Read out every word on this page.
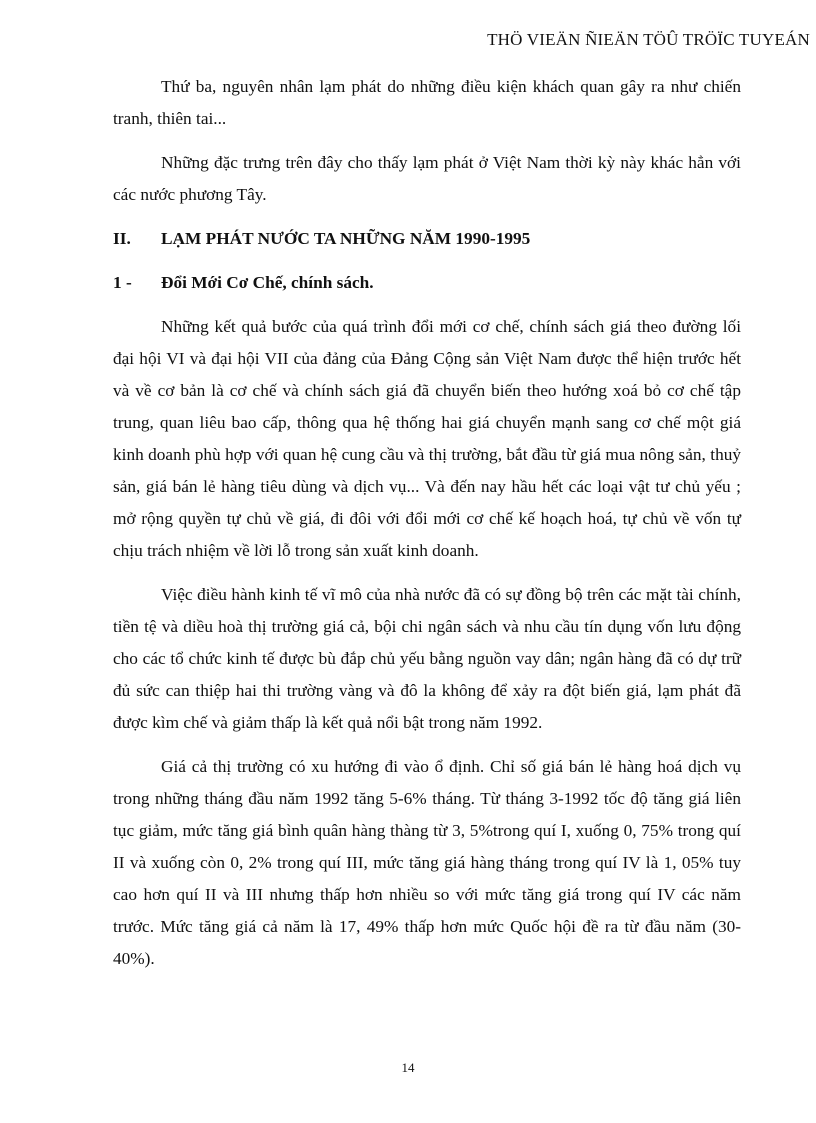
THÖ VIEÄN ÑIEÄN TÖÛ TRÖÏC TUYEÁN

Thứ ba, nguyên nhân lạm phát do những điều kiện khách quan gây ra như chiến tranh, thiên tai...

Những đặc trưng trên đây cho thấy lạm phát ở Việt Nam thời kỳ này khác hẳn với các nước phương Tây.

II.	LẠM PHÁT NƯỚC TA NHỮNG NĂM 1990-1995
1 -	Đổi Mới Cơ Chế, chính sách.

Những kết quả bước của quá trình đổi mới cơ chế, chính sách giá theo đường lối đại hội VI và đại hội VII của đảng của Đảng Cộng sản Việt Nam được thể hiện trước hết và về cơ bản là cơ chế và chính sách giá đã chuyển biến theo hướng xoá bỏ cơ chế tập trung, quan liêu bao cấp, thông qua hệ thống hai giá chuyển mạnh sang cơ chế một giá kinh doanh phù hợp với quan hệ cung cầu và thị trường, bắt đầu từ giá mua nông sản, thuỷ sản, giá bán lẻ hàng tiêu dùng và dịch vụ... Và đến nay hầu hết các loại vật tư chủ yếu ; mở rộng quyền tự chủ về giá, đi đôi với đổi mới cơ chế kế hoạch hoá, tự chủ về vốn tự chịu trách nhiệm về lời lỗ trong sản xuất kinh doanh.

Việc điều hành kinh tế vĩ mô của nhà nước đã có sự đồng bộ trên các mặt tài chính, tiền tệ và diều hoà thị trường giá cả, bội chi ngân sách và nhu cầu tín dụng vốn lưu động cho các tổ chức kinh tế được bù đắp chủ yếu bằng nguồn vay dân; ngân hàng đã có dự trữ đủ sức can thiệp hai thi trường vàng và đô la không để xảy ra đột biến giá, lạm phát đã được kìm chế và giảm thấp là kết quả nổi bật trong năm 1992.

Giá cả thị trường có xu hướng đi vào ổ định. Chỉ số giá bán lẻ hàng hoá dịch vụ trong những tháng đầu năm 1992 tăng 5-6% tháng. Từ tháng 3-1992 tốc độ tăng giá liên tục giảm, mức tăng giá bình quân hàng thàng từ 3, 5%trong quí I, xuống 0, 75% trong quí II và xuống còn 0, 2% trong quí III, mức tăng giá hàng tháng trong quí IV là 1, 05% tuy cao hơn quí II và III nhưng thấp hơn nhiều so với mức tăng giá trong quí IV các năm trước. Mức tăng giá cả năm là 17, 49% thấp hơn mức Quốc hội đề ra từ đầu năm (30-40%).

14
